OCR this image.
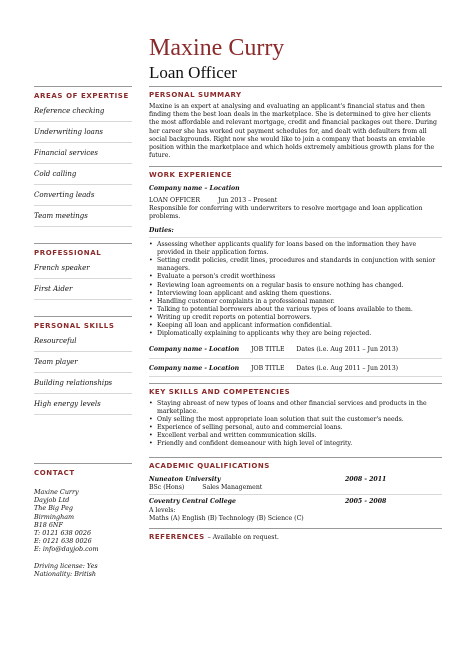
Maxine Curry
Loan Officer
AREAS OF EXPERTISE
Reference checking
Underwriting loans
Financial services
Cold calling
Converting leads
Team meetings
PROFESSIONAL
French speaker
First Aider
PERSONAL SKILLS
Resourceful
Team player
Building relationships
High energy levels
CONTACT
Maxine Curry
Dayjob Ltd
The Big Peg
Birmingham
B18 6NF
T: 0121 638 0026
E: 0121 638 0026
E: info@dayjob.com
Driving license: Yes
Nationality: British
PERSONAL SUMMARY

Maxine is an expert at analysing and evaluating an applicant's financial status and then finding them the best loan deals in the marketplace. She is determined to give her clients the most affordable and relevant mortgage, credit and financial packages out there. During her career she has worked out payment schedules for, and dealt with defaulters from all social backgrounds. Right now she would like to join a company that boasts an enviable position within the marketplace and which holds extremely ambitious growth plans for the future.

WORK EXPERIENCE
Company name – Location
LOAN OFFICER	Jun 2013 – Present
Responsible for conferring with underwriters to resolve mortgage and loan application problems.
Duties:
• Assessing whether applicants qualify for loans based on the information they have provided in their application forms.
• Setting credit policies, credit lines, procedures and standards in conjunction with senior managers.
• Evaluate a person's credit worthiness
• Reviewing loan agreements on a regular basis to ensure nothing has changed.
• Interviewing loan applicant and asking them questions.
• Handling customer complaints in a professional manner.
• Talking to potential borrowers about the various types of loans available to them.
• Writing up credit reports on potential borrowers.
• Keeping all loan and applicant information confidential.
• Diplomatically explaining to applicants why they are being rejected.
Company name - Location JOB TITLE Dates (i.e. Aug 2011 – Jun 2013)
Company name - Location JOB TITLE Dates (i.e. Aug 2011 – Jun 2013)
KEY SKILLS AND COMPETENCIES
• Staying abreast of new types of loans and other financial services and products in the marketplace.
• Only selling the most appropriate loan solution that suit the customer's needs.
• Experience of selling personal, auto and commercial loans.
• Excellent verbal and written communication skills.
• Friendly and confident demeanour with high level of integrity.
ACADEMIC QUALIFICATIONS
Nuneaton University	2008 - 2011
BSc (Hons)	Sales Management
Coventry Central College	2005 - 2008
A levels:
Maths (A) English (B) Technology (B) Science (C)
REFERENCES – Available on request.
